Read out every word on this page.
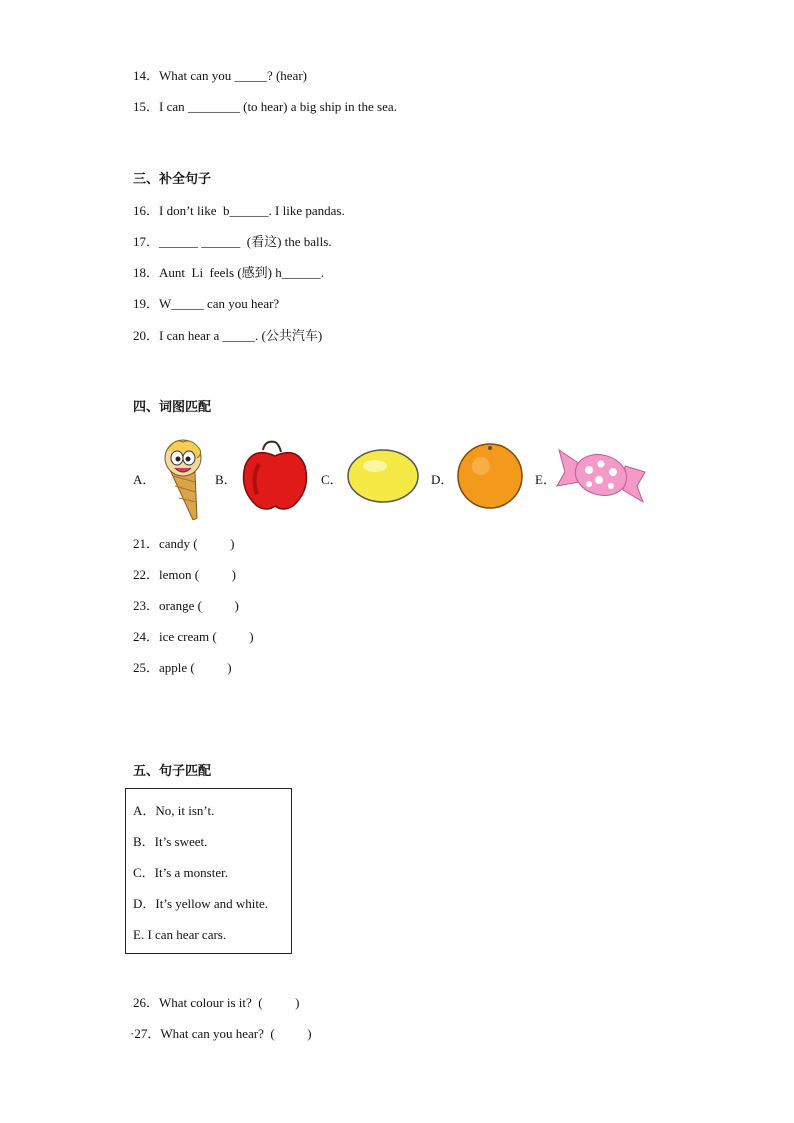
14．What can you _____? (hear)
15．I can ________ (to hear) a big ship in the sea.
三、补全句子
16．I don’t like  b______. I like pandas.
17．______ ______  (看这) the balls.
18．Aunt  Li  feels (感到) h______.
19．W_____ can you hear?
20．I can hear a _____. (公共汽车)
四、词图匹配
A．	B．	C．	D．	E．
21．candy (          )
22．lemon (          )
23．orange (          )
24．ice cream (          )
25．apple (          )
五、句子匹配
A．No, it isn’t.
B．It’s sweet.
C．It’s a monster.
D．It’s yellow and white.
E. I can hear cars.
26．What colour is it?  (          )
·27．What can you hear?  (          )
